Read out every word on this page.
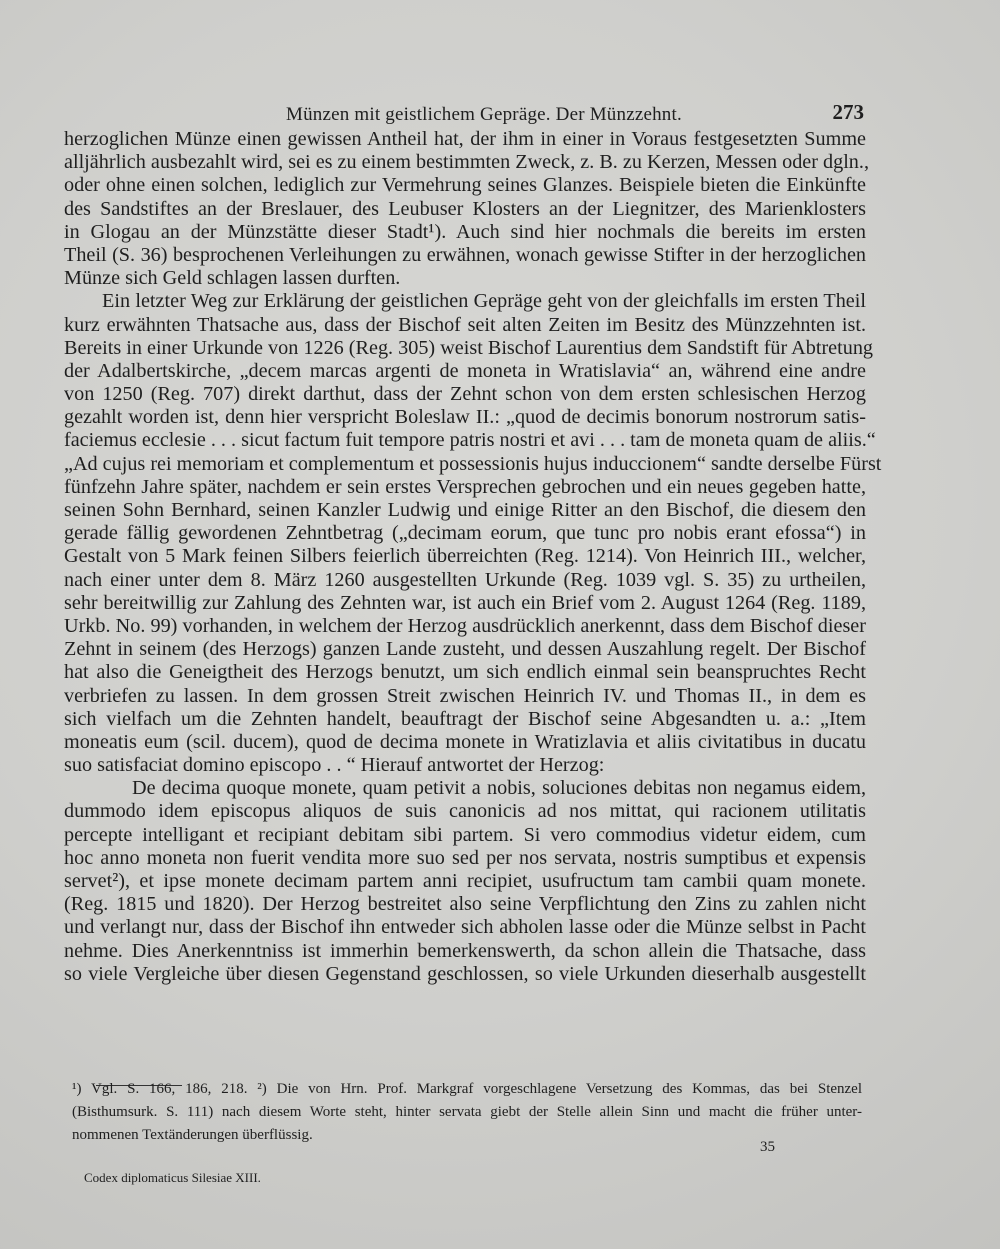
Münzen mit geistlichem Gepräge. Der Münzzehnt.	273
herzoglichen Münze einen gewissen Antheil hat, der ihm in einer in Voraus festgesetzten Summe
alljährlich ausbezahlt wird, sei es zu einem bestimmten Zweck, z. B. zu Kerzen, Messen oder dgln.,
oder ohne einen solchen, lediglich zur Vermehrung seines Glanzes. Beispiele bieten die Einkünfte
des Sandstiftes an der Breslauer, des Leubuser Klosters an der Liegnitzer, des Marienklosters
in Glogau an der Münzstätte dieser Stadt¹). Auch sind hier nochmals die bereits im ersten
Theil (S. 36) besprochenen Verleihungen zu erwähnen, wonach gewisse Stifter in der herzoglichen
Münze sich Geld schlagen lassen durften.
Ein letzter Weg zur Erklärung der geistlichen Gepräge geht von der gleichfalls im ersten Theil
kurz erwähnten Thatsache aus, dass der Bischof seit alten Zeiten im Besitz des Münzzehnten ist.
Bereits in einer Urkunde von 1226 (Reg. 305) weist Bischof Laurentius dem Sandstift für Abtretung
der Adalbertskirche, „decem marcas argenti de moneta in Wratislavia“ an, während eine andre
von 1250 (Reg. 707) direkt darthut, dass der Zehnt schon von dem ersten schlesischen Herzog
gezahlt worden ist, denn hier verspricht Boleslaw II.: „quod de decimis bonorum nostrorum satis-
faciemus ecclesie . . . sicut factum fuit tempore patris nostri et avi . . . tam de moneta quam de aliis.“
„Ad cujus rei memoriam et complementum et possessionis hujus induccionem“ sandte derselbe Fürst
fünfzehn Jahre später, nachdem er sein erstes Versprechen gebrochen und ein neues gegeben hatte,
seinen Sohn Bernhard, seinen Kanzler Ludwig und einige Ritter an den Bischof, die diesem den
gerade fällig gewordenen Zehntbetrag („decimam eorum, que tunc pro nobis erant efossa“) in
Gestalt von 5 Mark feinen Silbers feierlich überreichten (Reg. 1214). Von Heinrich III., welcher,
nach einer unter dem 8. März 1260 ausgestellten Urkunde (Reg. 1039 vgl. S. 35) zu urtheilen,
sehr bereitwillig zur Zahlung des Zehnten war, ist auch ein Brief vom 2. August 1264 (Reg. 1189,
Urkb. No. 99) vorhanden, in welchem der Herzog ausdrücklich anerkennt, dass dem Bischof dieser
Zehnt in seinem (des Herzogs) ganzen Lande zusteht, und dessen Auszahlung regelt. Der Bischof
hat also die Geneigtheit des Herzogs benutzt, um sich endlich einmal sein beanspruchtes Recht
verbriefen zu lassen. In dem grossen Streit zwischen Heinrich IV. und Thomas II., in dem es
sich vielfach um die Zehnten handelt, beauftragt der Bischof seine Abgesandten u. a.: „Item
moneatis eum (scil. ducem), quod de decima monete in Wratizlavia et aliis civitatibus in ducatu
suo satisfaciat domino episcopo . . “ Hierauf antwortet der Herzog:
De decima quoque monete, quam petivit a nobis, soluciones debitas non negamus eidem,
dummodo idem episcopus aliquos de suis canonicis ad nos mittat, qui racionem utilitatis
percepte intelligant et recipiant debitam sibi partem. Si vero commodius videtur eidem, cum
hoc anno moneta non fuerit vendita more suo sed per nos servata, nostris sumptibus et expensis
servet²), et ipse monete decimam partem anni recipiet, usufructum tam cambii quam monete.
(Reg. 1815 und 1820). Der Herzog bestreitet also seine Verpflichtung den Zins zu zahlen nicht
und verlangt nur, dass der Bischof ihn entweder sich abholen lasse oder die Münze selbst in Pacht
nehme. Dies Anerkenntniss ist immerhin bemerkenswerth, da schon allein die Thatsache, dass
so viele Vergleiche über diesen Gegenstand geschlossen, so viele Urkunden dieserhalb ausgestellt
¹) Vgl. S. 166, 186, 218. ²) Die von Hrn. Prof. Markgraf vorgeschlagene Versetzung des Kommas, das bei Stenzel
(Bisthumsurk. S. 111) nach diesem Worte steht, hinter servata giebt der Stelle allein Sinn und macht die früher unter-
nommenen Textänderungen überflüssig.
35
Codex diplomaticus Silesiae XIII.
